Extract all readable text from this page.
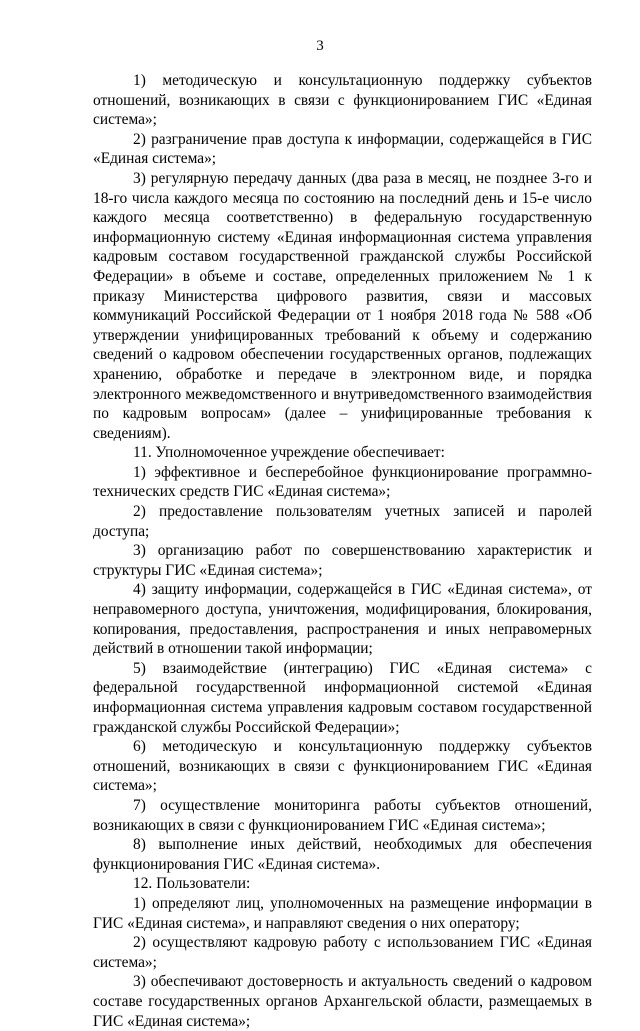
3

1) методическую и консультационную поддержку субъектов отношений, возникающих в связи с функционированием ГИС «Единая система»;

2) разграничение прав доступа к информации, содержащейся в ГИС «Единая система»;

3) регулярную передачу данных (два раза в месяц, не позднее 3-го и 18-го числа каждого месяца по состоянию на последний день и 15-е число каждого месяца соответственно) в федеральную государственную информационную систему «Единая информационная система управления кадровым составом государственной гражданской службы Российской Федерации» в объеме и составе, определенных приложением № 1 к приказу Министерства цифрового развития, связи и массовых коммуникаций Российской Федерации от 1 ноября 2018 года № 588 «Об утверждении унифицированных требований к объему и содержанию сведений о кадровом обеспечении государственных органов, подлежащих хранению, обработке и передаче в электронном виде, и порядка электронного межведомственного и внутриведомственного взаимодействия по кадровым вопросам» (далее – унифицированные требования к сведениям).

11. Уполномоченное учреждение обеспечивает:

1) эффективное и бесперебойное функционирование программно-технических средств ГИС «Единая система»;

2) предоставление пользователям учетных записей и паролей доступа;

3) организацию работ по совершенствованию характеристик и структуры ГИС «Единая система»;

4) защиту информации, содержащейся в ГИС «Единая система», от неправомерного доступа, уничтожения, модифицирования, блокирования, копирования, предоставления, распространения и иных неправомерных действий в отношении такой информации;

5) взаимодействие (интеграцию) ГИС «Единая система» с федеральной государственной информационной системой «Единая информационная система управления кадровым составом государственной гражданской службы Российской Федерации»;

6) методическую и консультационную поддержку субъектов отношений, возникающих в связи с функционированием ГИС «Единая система»;

7) осуществление мониторинга работы субъектов отношений, возникающих в связи с функционированием ГИС «Единая система»;

8) выполнение иных действий, необходимых для обеспечения функционирования ГИС «Единая система».

12. Пользователи:

1) определяют лиц, уполномоченных на размещение информации в ГИС «Единая система», и направляют сведения о них оператору;

2) осуществляют кадровую работу с использованием ГИС «Единая система»;

3) обеспечивают достоверность и актуальность сведений о кадровом составе государственных органов Архангельской области, размещаемых в ГИС «Единая система»;
